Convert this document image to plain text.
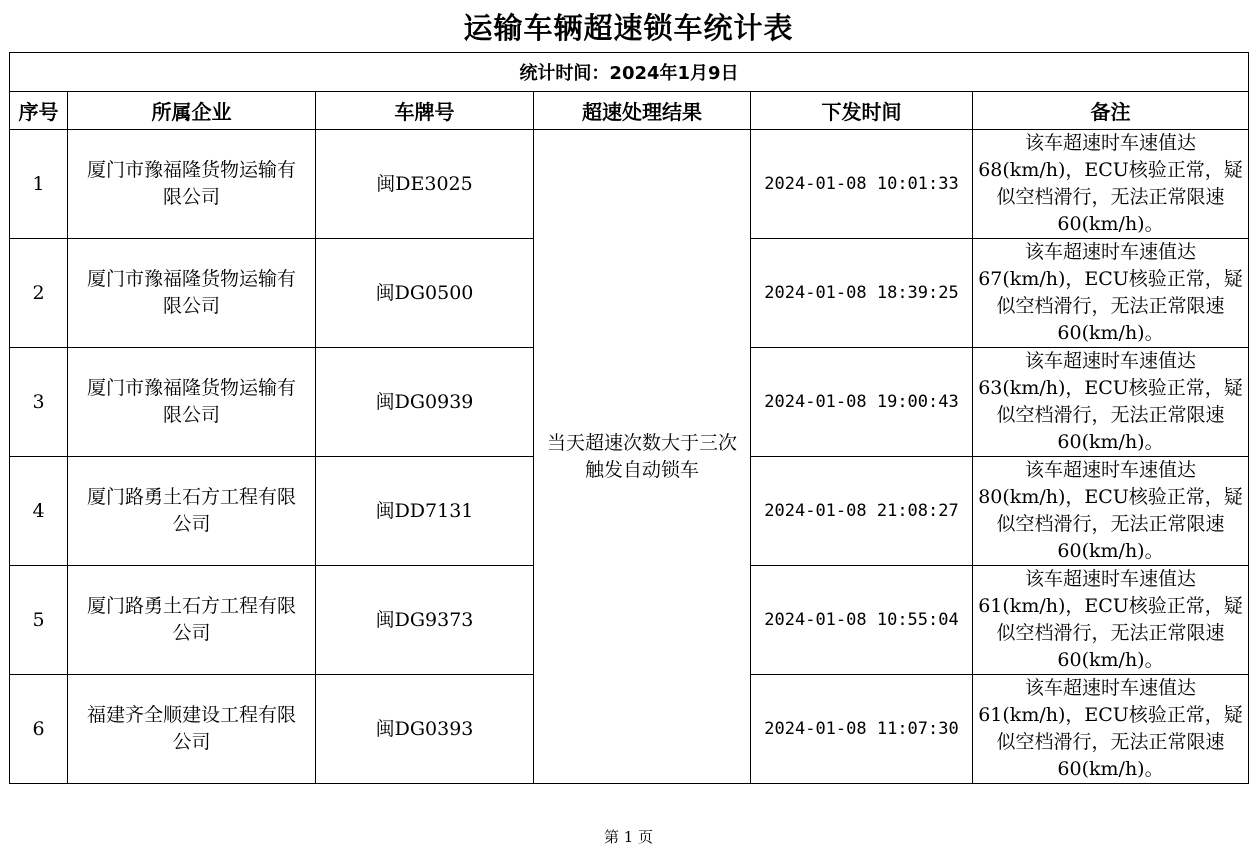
运输车辆超速锁车统计表
统计时间：2024年1月9日					
序号	所属企业	车牌号	超速处理结果	下发时间	备注
1	厦门市豫福隆货物运输有限公司	闽DE3025	当天超速次数大于三次触发自动锁车	2024-01-08 10:01:33	该车超速时车速值达68(km/h)，ECU核验正常，疑似空档滑行，无法正常限速60(km/h)。
2	厦门市豫福隆货物运输有限公司	闽DG0500		2024-01-08 18:39:25	该车超速时车速值达67(km/h)，ECU核验正常，疑似空档滑行，无法正常限速60(km/h)。
3	厦门市豫福隆货物运输有限公司	闽DG0939		2024-01-08 19:00:43	该车超速时车速值达63(km/h)，ECU核验正常，疑似空档滑行，无法正常限速60(km/h)。
4	厦门路勇土石方工程有限公司	闽DD7131		2024-01-08 21:08:27	该车超速时车速值达80(km/h)，ECU核验正常，疑似空档滑行，无法正常限速60(km/h)。
5	厦门路勇土石方工程有限公司	闽DG9373		2024-01-08 10:55:04	该车超速时车速值达61(km/h)，ECU核验正常，疑似空档滑行，无法正常限速60(km/h)。
6	福建齐全顺建设工程有限公司	闽DG0393		2024-01-08 11:07:30	该车超速时车速值达61(km/h)，ECU核验正常，疑似空档滑行，无法正常限速60(km/h)。
第 1 页
